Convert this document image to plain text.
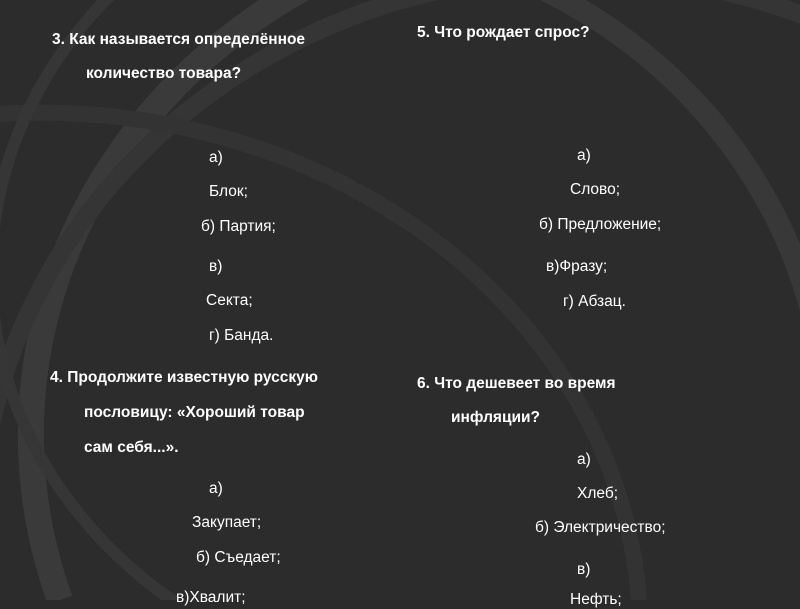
3. Как называется определённое
количество товара?
а)
Блок;
б) Партия;
в)
Секта;
г) Банда.
4. Продолжите известную русскую
пословицу: «Хороший товар
сам себя...».
а)
Закупает;
б) Съедает;
в)Хвалит;
5. Что рождает спрос?
а)
Слово;
б) Предложение;
в)Фразу;
г) Абзац.
6. Что дешевеет во время
инфляции?
а)
Хлеб;
б) Электричество;
в)
Нефть;
